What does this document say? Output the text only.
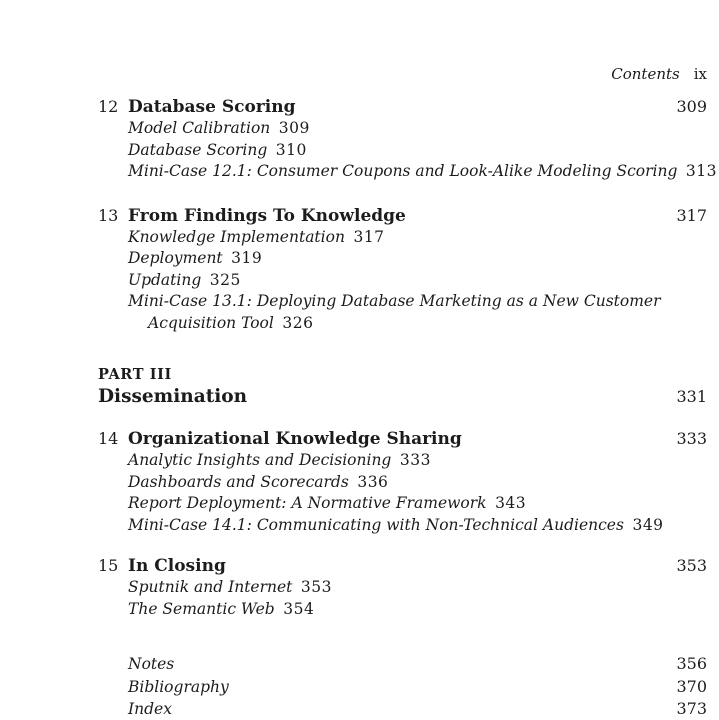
Contents ix
12 Database Scoring	309
Model Calibration 309
Database Scoring 310
Mini-Case 12.1: Consumer Coupons and Look-Alike Modeling Scoring 313
13 From Findings To Knowledge	317
Knowledge Implementation 317
Deployment 319
Updating 325
Mini-Case 13.1: Deploying Database Marketing as a New Customer
Acquisition Tool 326
PART III
Dissemination	331
14 Organizational Knowledge Sharing	333
Analytic Insights and Decisioning 333
Dashboards and Scorecards 336
Report Deployment: A Normative Framework 343
Mini-Case 14.1: Communicating with Non-Technical Audiences 349
15 In Closing	353
Sputnik and Internet 353
The Semantic Web 354
Notes	356
Bibliography	370
Index	373
